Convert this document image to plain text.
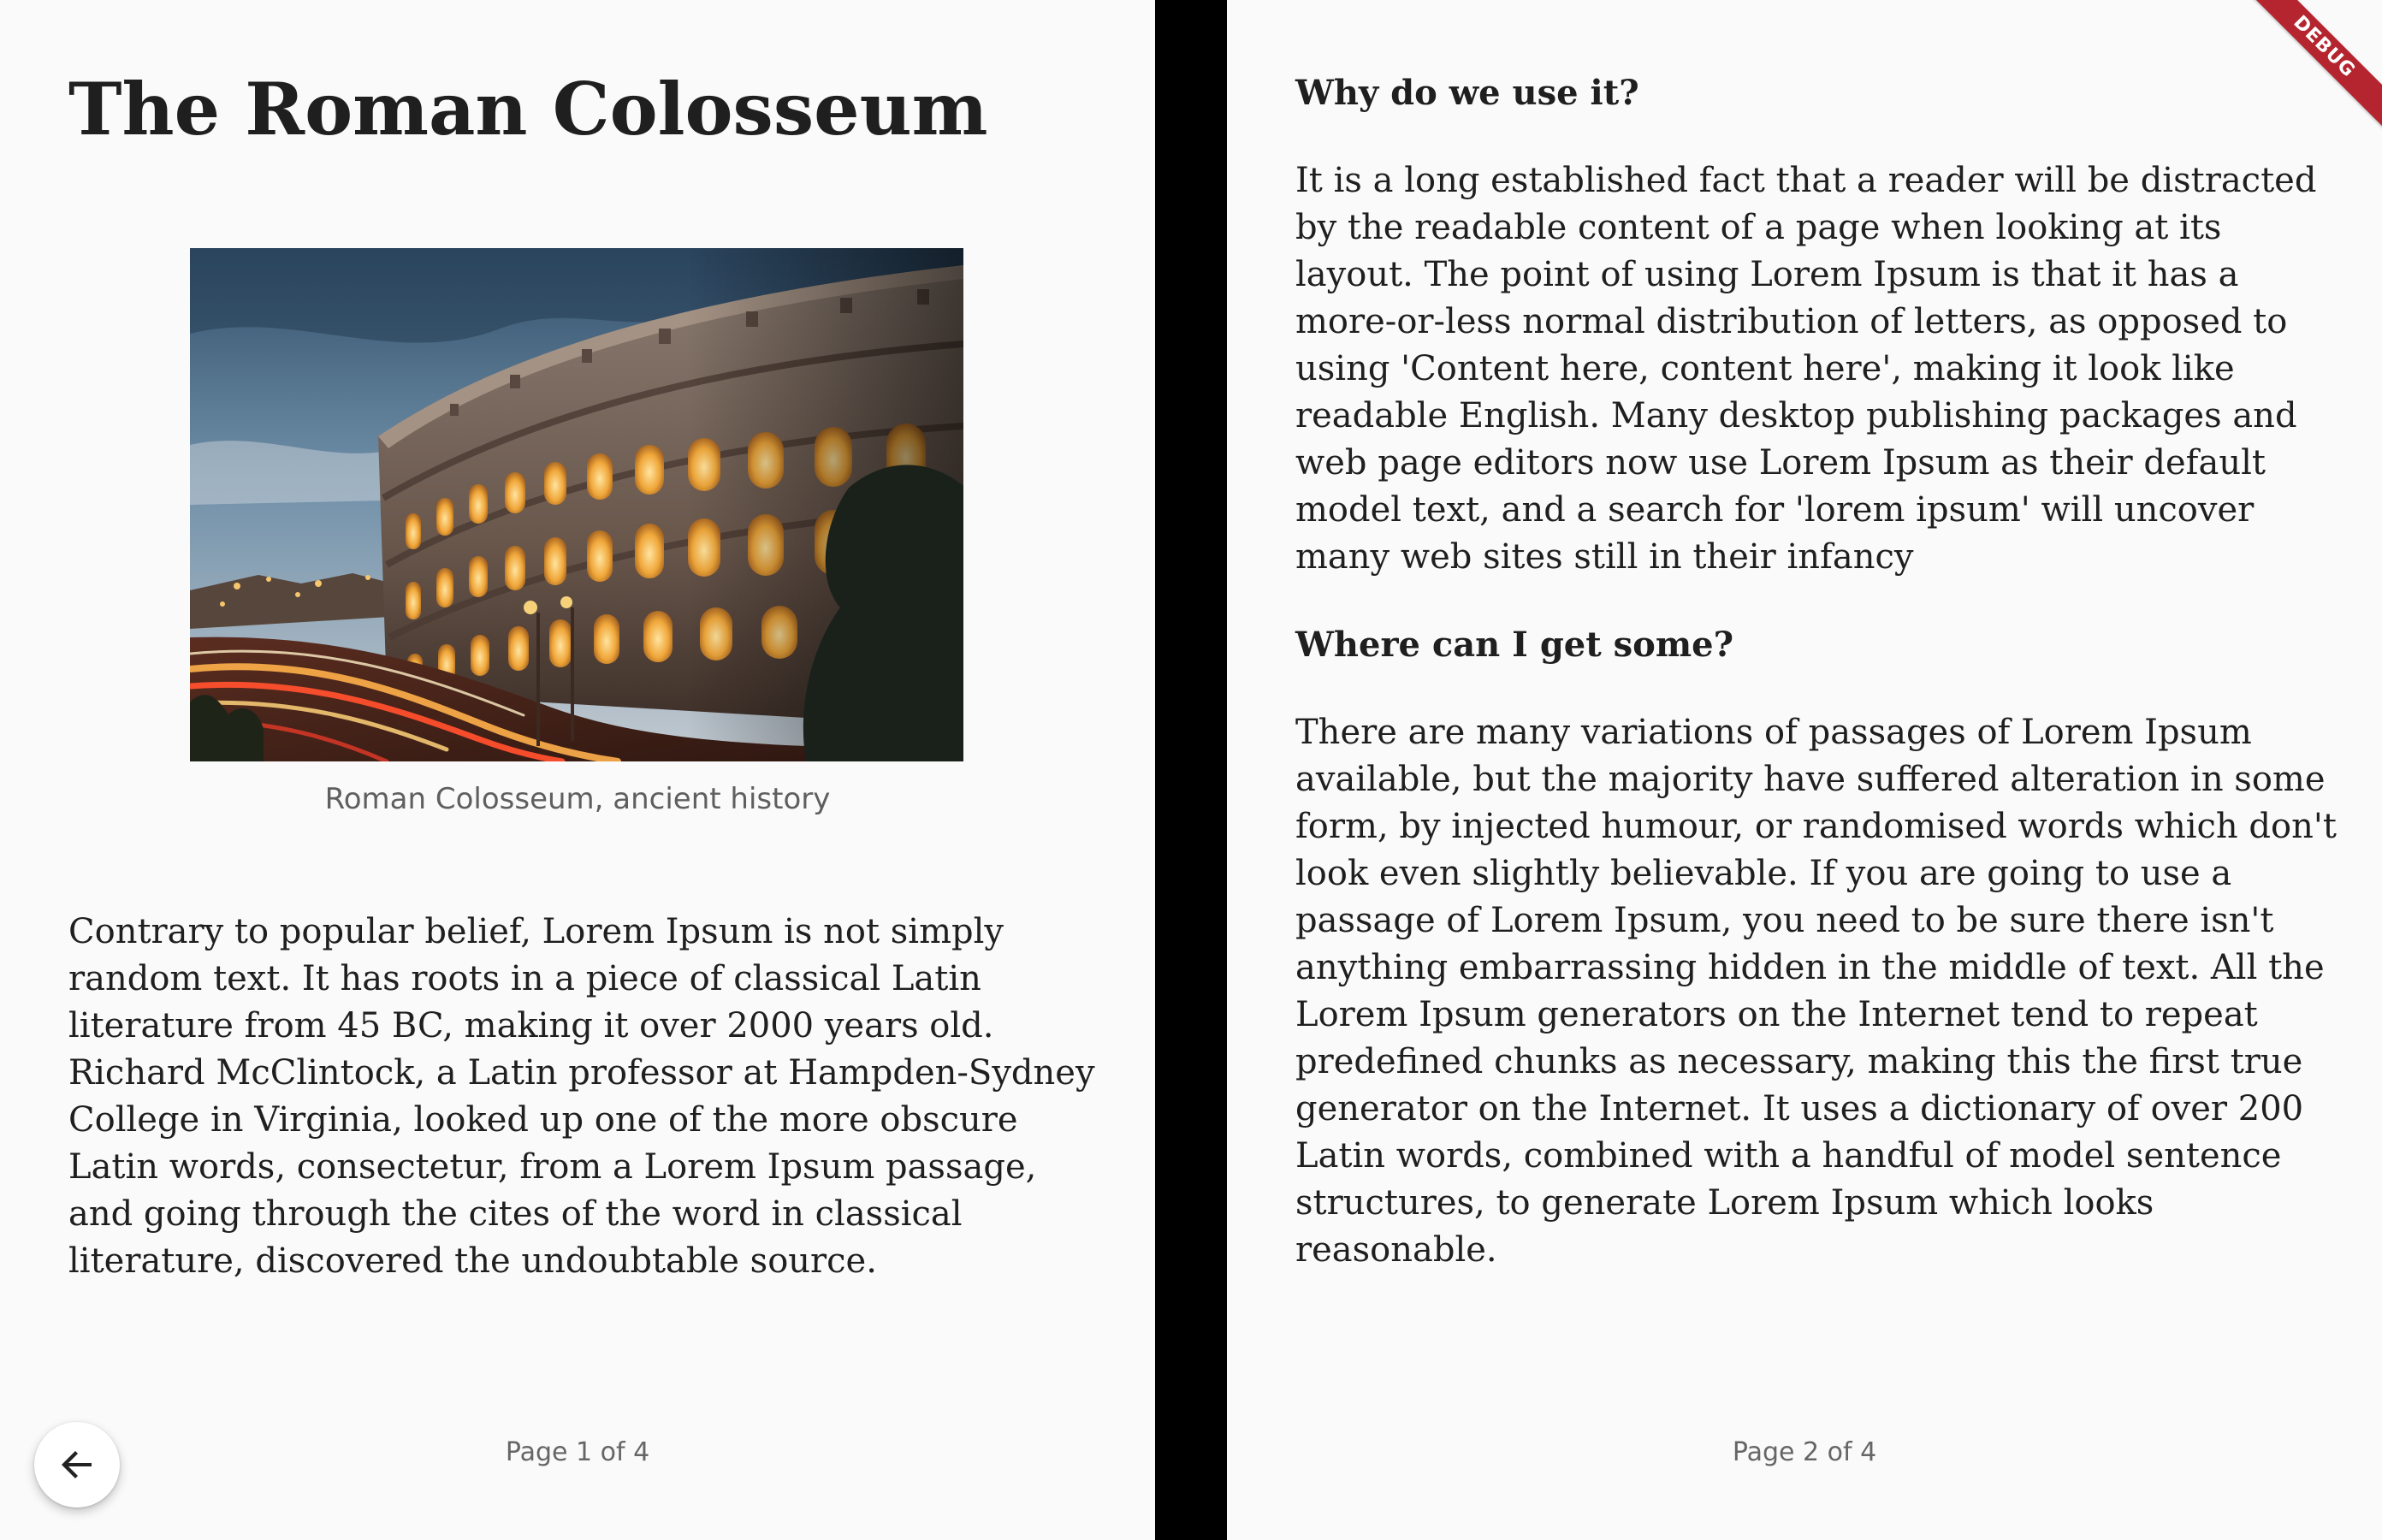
The Roman Colosseum
Roman Colosseum, ancient history

Contrary to popular belief, Lorem Ipsum is not simply random text. It has roots in a piece of classical Latin literature from 45 BC, making it over 2000 years old. Richard McClintock, a Latin professor at Hampden-Sydney College in Virginia, looked up one of the more obscure Latin words, consectetur, from a Lorem Ipsum passage, and going through the cites of the word in classical literature, discovered the undoubtable source.

Page 1 of 4
Why do we use it?

It is a long established fact that a reader will be distracted by the readable content of a page when looking at its layout. The point of using Lorem Ipsum is that it has a more-or-less normal distribution of letters, as opposed to using 'Content here, content here', making it look like readable English. Many desktop publishing packages and web page editors now use Lorem Ipsum as their default model text, and a search for 'lorem ipsum' will uncover many web sites still in their infancy

Where can I get some?

There are many variations of passages of Lorem Ipsum available, but the majority have suffered alteration in some form, by injected humour, or randomised words which don't look even slightly believable. If you are going to use a passage of Lorem Ipsum, you need to be sure there isn't anything embarrassing hidden in the middle of text. All the Lorem Ipsum generators on the Internet tend to repeat predefined chunks as necessary, making this the first true generator on the Internet. It uses a dictionary of over 200 Latin words, combined with a handful of model sentence structures, to generate Lorem Ipsum which looks reasonable.

Page 2 of 4
DEBUG
